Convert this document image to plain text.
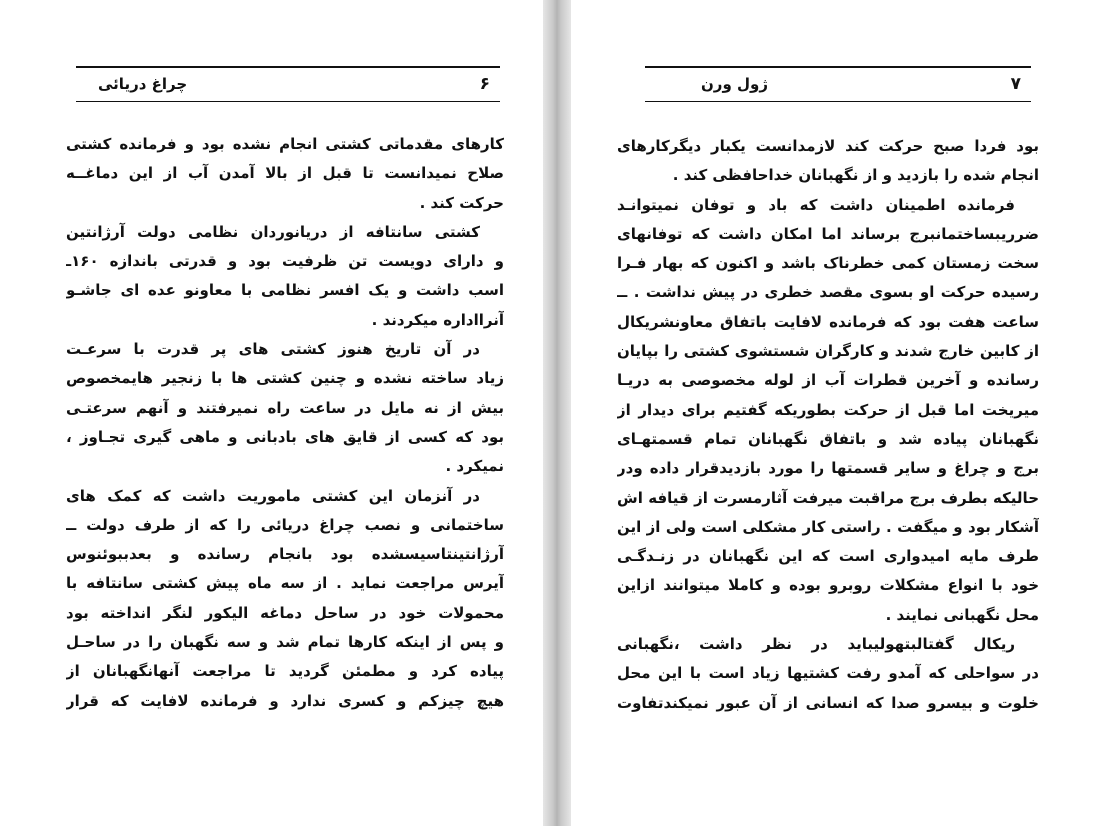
۶
چراغ دریائی
کارهای مقدماتی کشتی انجام نشده بود و فرمانده کشتی
صلاح نمیدانست تا قبل از بالا آمدن آب از این دماغــه
حرکت کند .
کشتی سانتافه از دریانوردان نظامی دولت آرژانتین
و دارای دویست تن ظرفیت بود و قدرتی باندازه ۱۶۰ـ
اسب داشت و یک افسر نظامی با معاونو عده ای جاشـو
آنرااداره میکردند .
در آن تاریخ هنوز کشتی های پر قدرت با سرعـت
زیاد ساخته نشده و چنین کشتی ها با زنجیر هایمخصوص
بیش از نه مایل در ساعت راه نمیرفتند و آنهم سرعتـی
بود که کسی از قایق های بادبانی و ماهی گیری تجـاوز ،
نمیکرد .
در آنزمان این کشتی ماموریت داشت که کمک های
ساختمانی و نصب چراغ دریائی را که از طرف دولت ــ
آرژانتینتاسیسشده بود بانجام رسانده و بعدببوئنوس
آیرس مراجعت نماید . از سه ماه پیش کشتی سانتافه با
محمولات خود در ساحل دماغه الیکور لنگر انداخته بود
و پس از اینکه کارها تمام شد و سه نگهبان را در ساحـل
پیاده کرد و مطمئن گردید تا مراجعت آنهانگهبانان از
هیچ چیزکم و کسری ندارد و فرمانده لافایت که قرار
۷
ژول ورن
بود فردا صبح حرکت کند لازمدانست یکبار دیگرکارهای
انجام شده را بازدید و از نگهبانان خداحافظی کند .
فرمانده اطمینان داشت که باد و توفان نمیتوانـد
ضرریبساختمانبرج برساند اما امکان داشت که توفانهای
سخت زمستان کمی خطرناک باشد و اکنون که بهار فـرا
رسیده حرکت او بسوی مقصد خطری در پیش نداشت . ــ
ساعت هفت بود که فرمانده لافایت باتفاق معاونشریکال
از کابین خارج شدند و کارگران شستشوی کشتی را بپایان
رسانده و آخرین قطرات آب از لوله مخصوصی به دریـا
میریخت اما قبل از حرکت بطوریکه گفتیم برای دیدار از
نگهبانان پیاده شد و باتفاق نگهبانان تمام قسمتهـای
برج و چراغ و سایر قسمتها را مورد بازدیدقرار داده ودر
حالیکه بطرف برج مراقبت میرفت آثارمسرت از قیافه اش
آشکار بود و میگفت . راستی کار مشکلی است ولی از این
طرف مایه امیدواری است که این نگهبانان در زنـدگـی
خود با انواع مشکلات روبرو بوده و کاملا میتوانند ازاین
محل نگهبانی نمایند .
ریکال گفتالبتهولیباید در نظر داشت ،نگهبانی
در سواحلی که آمدو رفت کشتیها زیاد است با این محل
خلوت و بیسرو صدا که انسانی از آن عبور نمیکندتفاوت
